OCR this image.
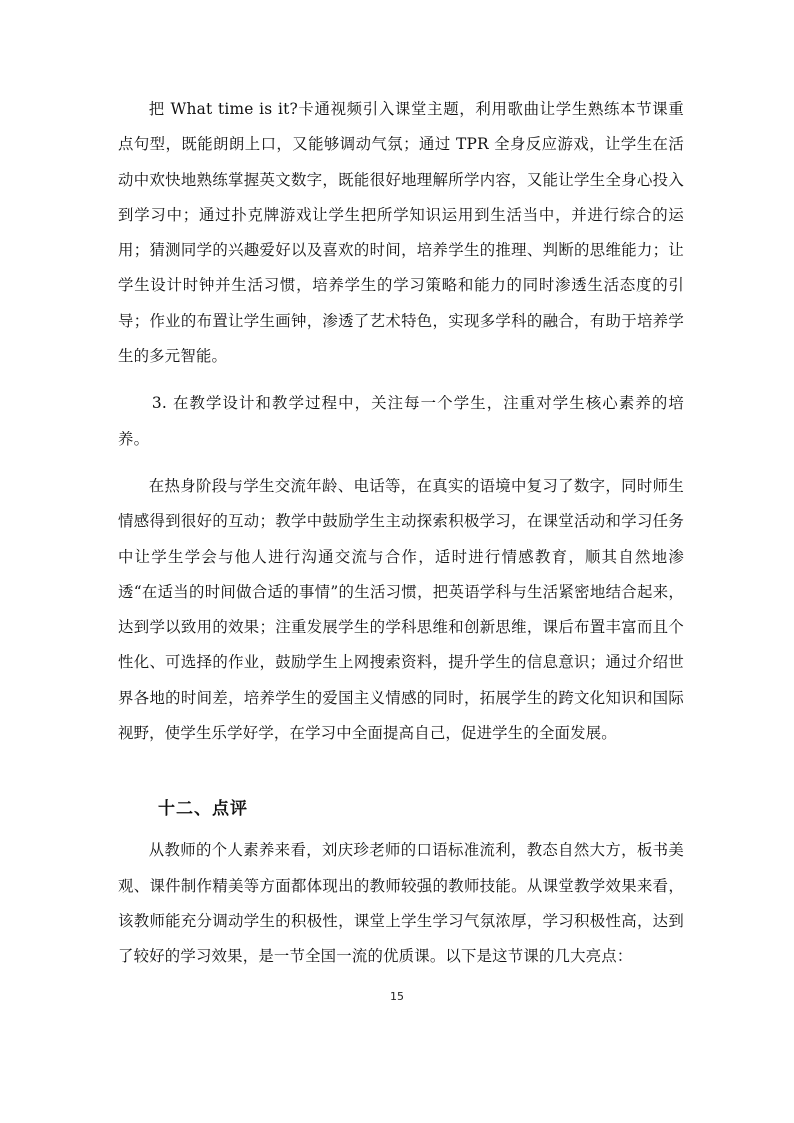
把 What time is it?卡通视频引入课堂主题，利用歌曲让学生熟练本节课重点句型，既能朗朗上口，又能够调动气氛；通过 TPR 全身反应游戏，让学生在活动中欢快地熟练掌握英文数字，既能很好地理解所学内容，又能让学生全身心投入到学习中；通过扑克牌游戏让学生把所学知识运用到生活当中，并进行综合的运用；猜测同学的兴趣爱好以及喜欢的时间，培养学生的推理、判断的思维能力；让学生设计时钟并生活习惯，培养学生的学习策略和能力的同时渗透生活态度的引导；作业的布置让学生画钟，渗透了艺术特色，实现多学科的融合，有助于培养学生的多元智能。

3. 在教学设计和教学过程中，关注每一个学生，注重对学生核心素养的培养。

在热身阶段与学生交流年龄、电话等，在真实的语境中复习了数字，同时师生情感得到很好的互动；教学中鼓励学生主动探索积极学习，在课堂活动和学习任务中让学生学会与他人进行沟通交流与合作，适时进行情感教育，顺其自然地渗透“在适当的时间做合适的事情”的生活习惯，把英语学科与生活紧密地结合起来，达到学以致用的效果；注重发展学生的学科思维和创新思维，课后布置丰富而且个性化、可选择的作业，鼓励学生上网搜索资料，提升学生的信息意识；通过介绍世界各地的时间差，培养学生的爱国主义情感的同时，拓展学生的跨文化知识和国际视野，使学生乐学好学，在学习中全面提高自己，促进学生的全面发展。

十二、点评

从教师的个人素养来看，刘庆珍老师的口语标准流利，教态自然大方，板书美观、课件制作精美等方面都体现出的教师较强的教师技能。从课堂教学效果来看，该教师能充分调动学生的积极性，课堂上学生学习气氛浓厚，学习积极性高，达到了较好的学习效果，是一节全国一流的优质课。以下是这节课的几大亮点：

15
